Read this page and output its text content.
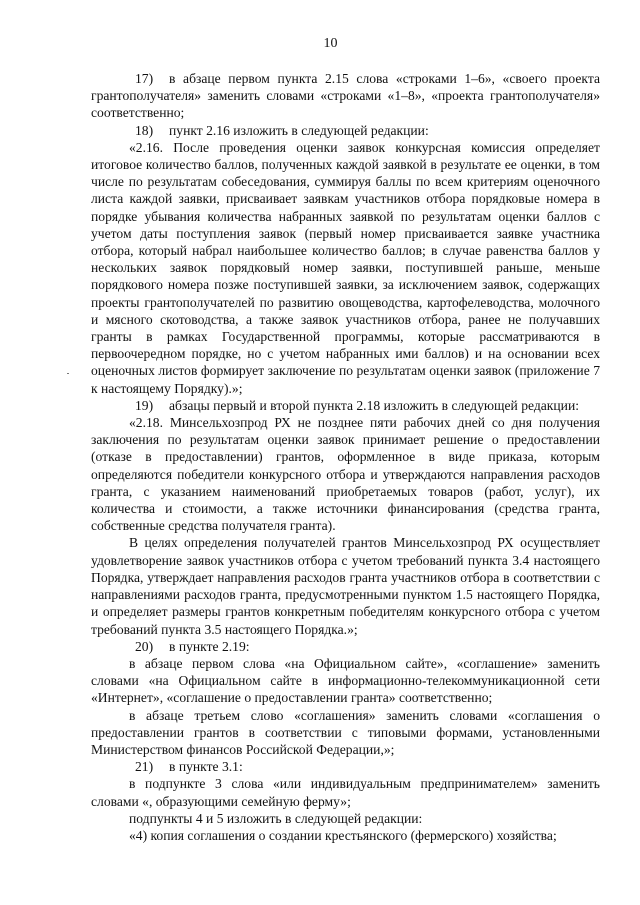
10

17) в абзаце первом пункта 2.15 слова «строками 1–6», «своего проекта грантополучателя» заменить словами «строками «1–8», «проекта грантополучателя» соответственно;

18) пункт 2.16 изложить в следующей редакции:

«2.16. После проведения оценки заявок конкурсная комиссия определяет итоговое количество баллов, полученных каждой заявкой в результате ее оценки, в том числе по результатам собеседования, суммируя баллы по всем критериям оценочного листа каждой заявки, присваивает заявкам участников отбора порядковые номера в порядке убывания количества набранных заявкой по результатам оценки баллов с учетом даты поступления заявок (первый номер присваивается заявке участника отбора, который набрал наибольшее количество баллов; в случае равенства баллов у нескольких заявок порядковый номер заявки, поступившей раньше, меньше порядкового номера позже поступившей заявки, за исключением заявок, содержащих проекты грантополучателей по развитию овощеводства, картофелеводства, молочного и мясного скотоводства, а также заявок участников отбора, ранее не получавших гранты в рамках Государственной программы, которые рассматриваются в первоочередном порядке, но с учетом набранных ими баллов) и на основании всех оценочных листов формирует заключение по результатам оценки заявок (приложение 7 к настоящему Порядку).»;

19) абзацы первый и второй пункта 2.18 изложить в следующей редакции:

«2.18. Минсельхозпрод РХ не позднее пяти рабочих дней со дня получения заключения по результатам оценки заявок принимает решение о предоставлении (отказе в предоставлении) грантов, оформленное в виде приказа, которым определяются победители конкурсного отбора и утверждаются направления расходов гранта, с указанием наименований приобретаемых товаров (работ, услуг), их количества и стоимости, а также источники финансирования (средства гранта, собственные средства получателя гранта).

В целях определения получателей грантов Минсельхозпрод РХ осуществляет удовлетворение заявок участников отбора с учетом требований пункта 3.4 настоящего Порядка, утверждает направления расходов гранта участников отбора в соответствии с направлениями расходов гранта, предусмотренными пунктом 1.5 настоящего Порядка, и определяет размеры грантов конкретным победителям конкурсного отбора с учетом требований пункта 3.5 настоящего Порядка.»;

20) в пункте 2.19:

в абзаце первом слова «на Официальном сайте», «соглашение» заменить словами «на Официальном сайте в информационно-телекоммуникационной сети «Интернет», «соглашение о предоставлении гранта» соответственно;

в абзаце третьем слово «соглашения» заменить словами «соглашения о предоставлении грантов в соответствии с типовыми формами, установленными Министерством финансов Российской Федерации,»;

21) в пункте 3.1:

в подпункте 3 слова «или индивидуальным предпринимателем» заменить словами «, образующими семейную ферму»;

подпункты 4 и 5 изложить в следующей редакции:

«4) копия соглашения о создании крестьянского (фермерского) хозяйства;
